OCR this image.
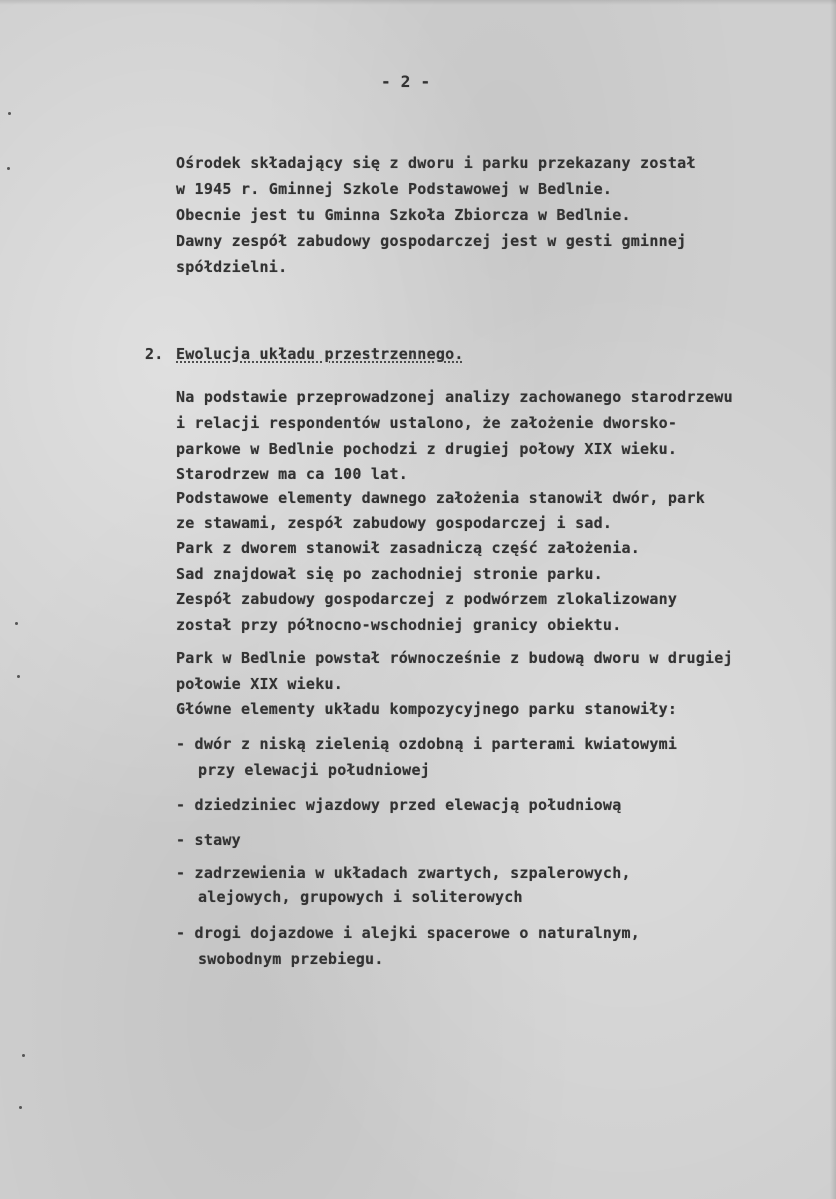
- 2 -
Ośrodek składający się z dworu i parku przekazany został
w 1945 r. Gminnej Szkole Podstawowej w Bedlnie.
Obecnie jest tu Gminna Szkoła Zbiorcza w Bedlnie.
Dawny zespół zabudowy gospodarczej jest w gesti gminnej
spółdzielni.
2. Ewolucja układu przestrzennego.
Na podstawie przeprowadzonej analizy zachowanego starodrzewu
i relacji respondentów ustalono, że założenie dworsko-
parkowe w Bedlnie pochodzi z drugiej połowy XIX wieku.
Starodrzew ma ca 100 lat.
Podstawowe elementy dawnego założenia stanowił dwór, park
ze stawami, zespół zabudowy gospodarczej i sad.
Park z dworem stanowił zasadniczą część założenia.
Sad znajdował się po zachodniej stronie parku.
Zespół zabudowy gospodarczej z podwórzem zlokalizowany
został przy północno-wschodniej granicy obiektu.
Park w Bedlnie powstał równocześnie z budową dworu w drugiej
połowie XIX wieku.
Główne elementy układu kompozycyjnego parku stanowiły:
- dwór z niską zielenią ozdobną i parterami kwiatowymi
przy elewacji południowej
- dziedziniec wjazdowy przed elewacją południową
- stawy
- zadrzewienia w układach zwartych, szpalerowych,
alejowych, grupowych i soliterowych
- drogi dojazdowe i alejki spacerowe o naturalnym,
swobodnym przebiegu.
